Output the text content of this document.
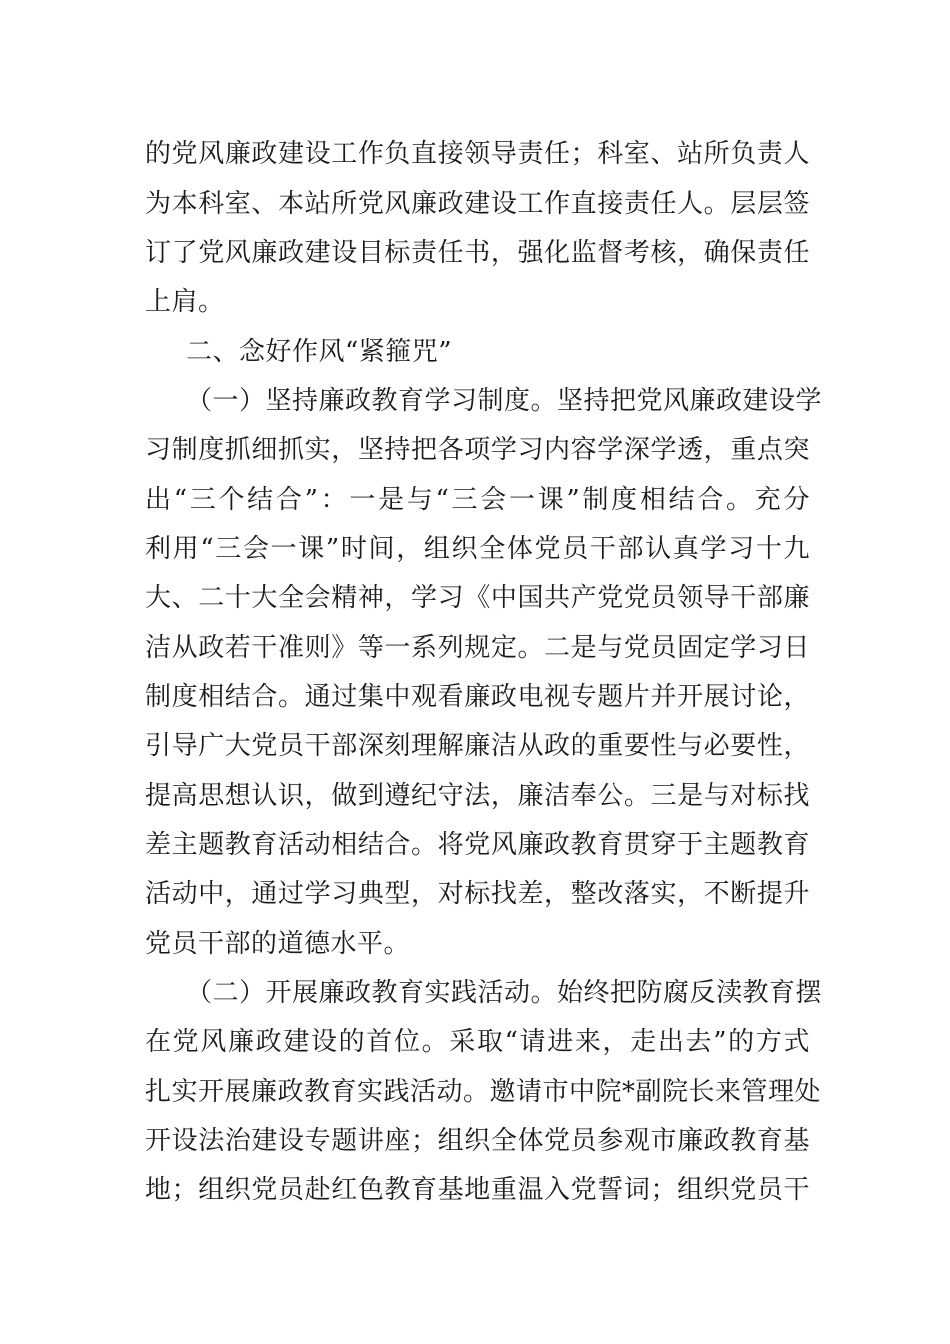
的党风廉政建设工作负直接领导责任；科室、站所负责人
为本科室、本站所党风廉政建设工作直接责任人。层层签
订了党风廉政建设目标责任书，强化监督考核，确保责任
上肩。
二、念好作风“紧箍咒”
（一）坚持廉政教育学习制度。坚持把党风廉政建设学
习制度抓细抓实，坚持把各项学习内容学深学透，重点突
出“三个结合”：一是与“三会一课”制度相结合。充分
利用“三会一课”时间，组织全体党员干部认真学习十九
大、二十大全会精神，学习《中国共产党党员领导干部廉
洁从政若干准则》等一系列规定。二是与党员固定学习日
制度相结合。通过集中观看廉政电视专题片并开展讨论，
引导广大党员干部深刻理解廉洁从政的重要性与必要性，
提高思想认识，做到遵纪守法，廉洁奉公。三是与对标找
差主题教育活动相结合。将党风廉政教育贯穿于主题教育
活动中，通过学习典型，对标找差，整改落实，不断提升
党员干部的道德水平。
（二）开展廉政教育实践活动。始终把防腐反渎教育摆
在党风廉政建设的首位。采取“请进来，走出去”的方式
扎实开展廉政教育实践活动。邀请市中院*副院长来管理处
开设法治建设专题讲座；组织全体党员参观市廉政教育基
地；组织党员赴红色教育基地重温入党誓词；组织党员干
